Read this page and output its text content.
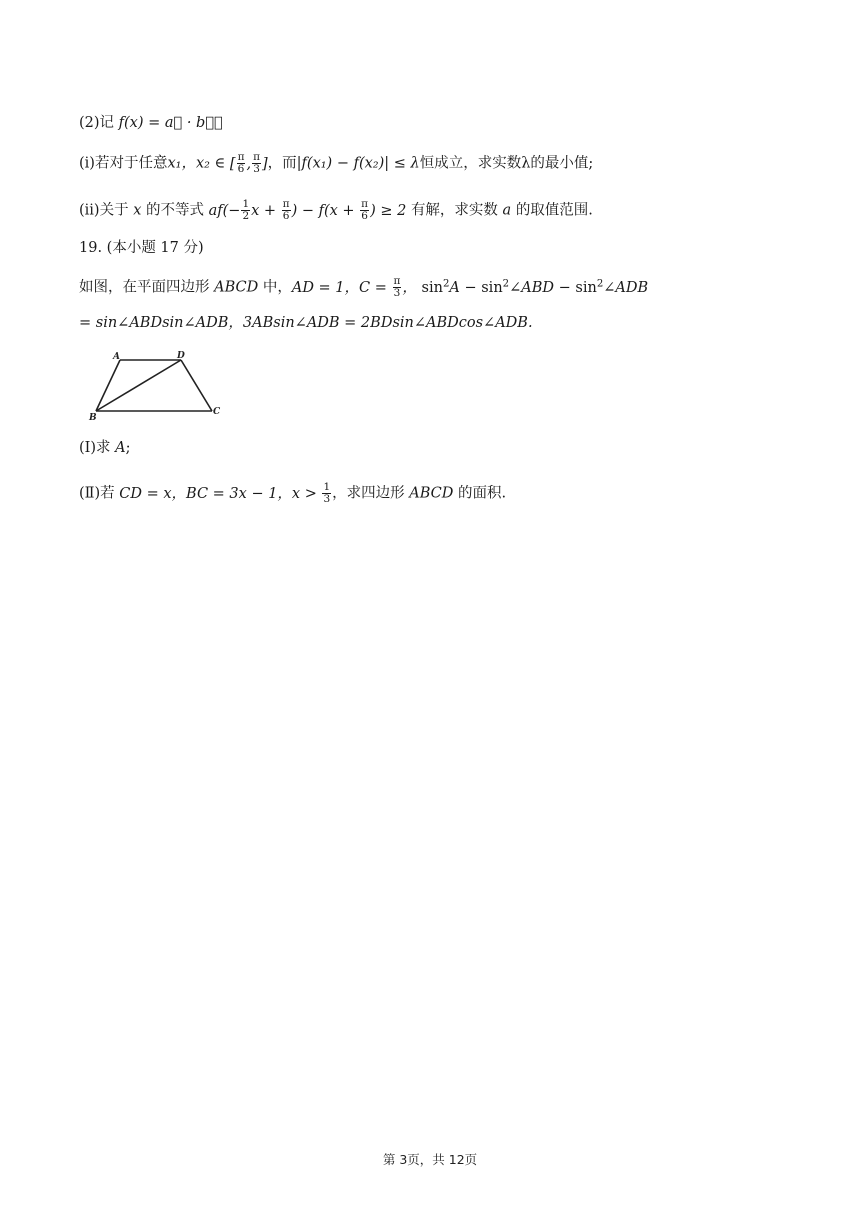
(2)记 f(x) = a⃗ · b⃗，
(ⅰ)若对于任意x₁，x₂ ∈ [ $\frac{\pi}{6}$ , $\frac{\pi}{3}$ ]，而|f(x₁) − f(x₂)| ≤ λ恒成立，求实数λ的最小值;
(ⅱ)关于 x 的不等式 $af(- \frac{1}{2}$ $x + \frac{\pi}{6}$ ) − $f(x + \frac{\pi}{6}$ ) ≥ 2 有解，求实数 a 的取值范围.
19. (本小题 17 分)
如图，在平面四边形 ABCD 中，AD = 1，$C = \frac{\pi}{3}$ ， $\sin^2A$ − $\sin^2\angle ABD$ − $\sin^2\angle ADB$
= sin∠ABDsin∠ADB，3ABsin∠ADB = 2BDsin∠ABDcos∠ADB.
A	D
B
C
(Ⅰ)求 A;
(Ⅱ)若 CD = x，BC = 3x − 1，$x > \frac{1}{3}$ ，求四边形 ABCD 的面积.
第 3页，共 12页
